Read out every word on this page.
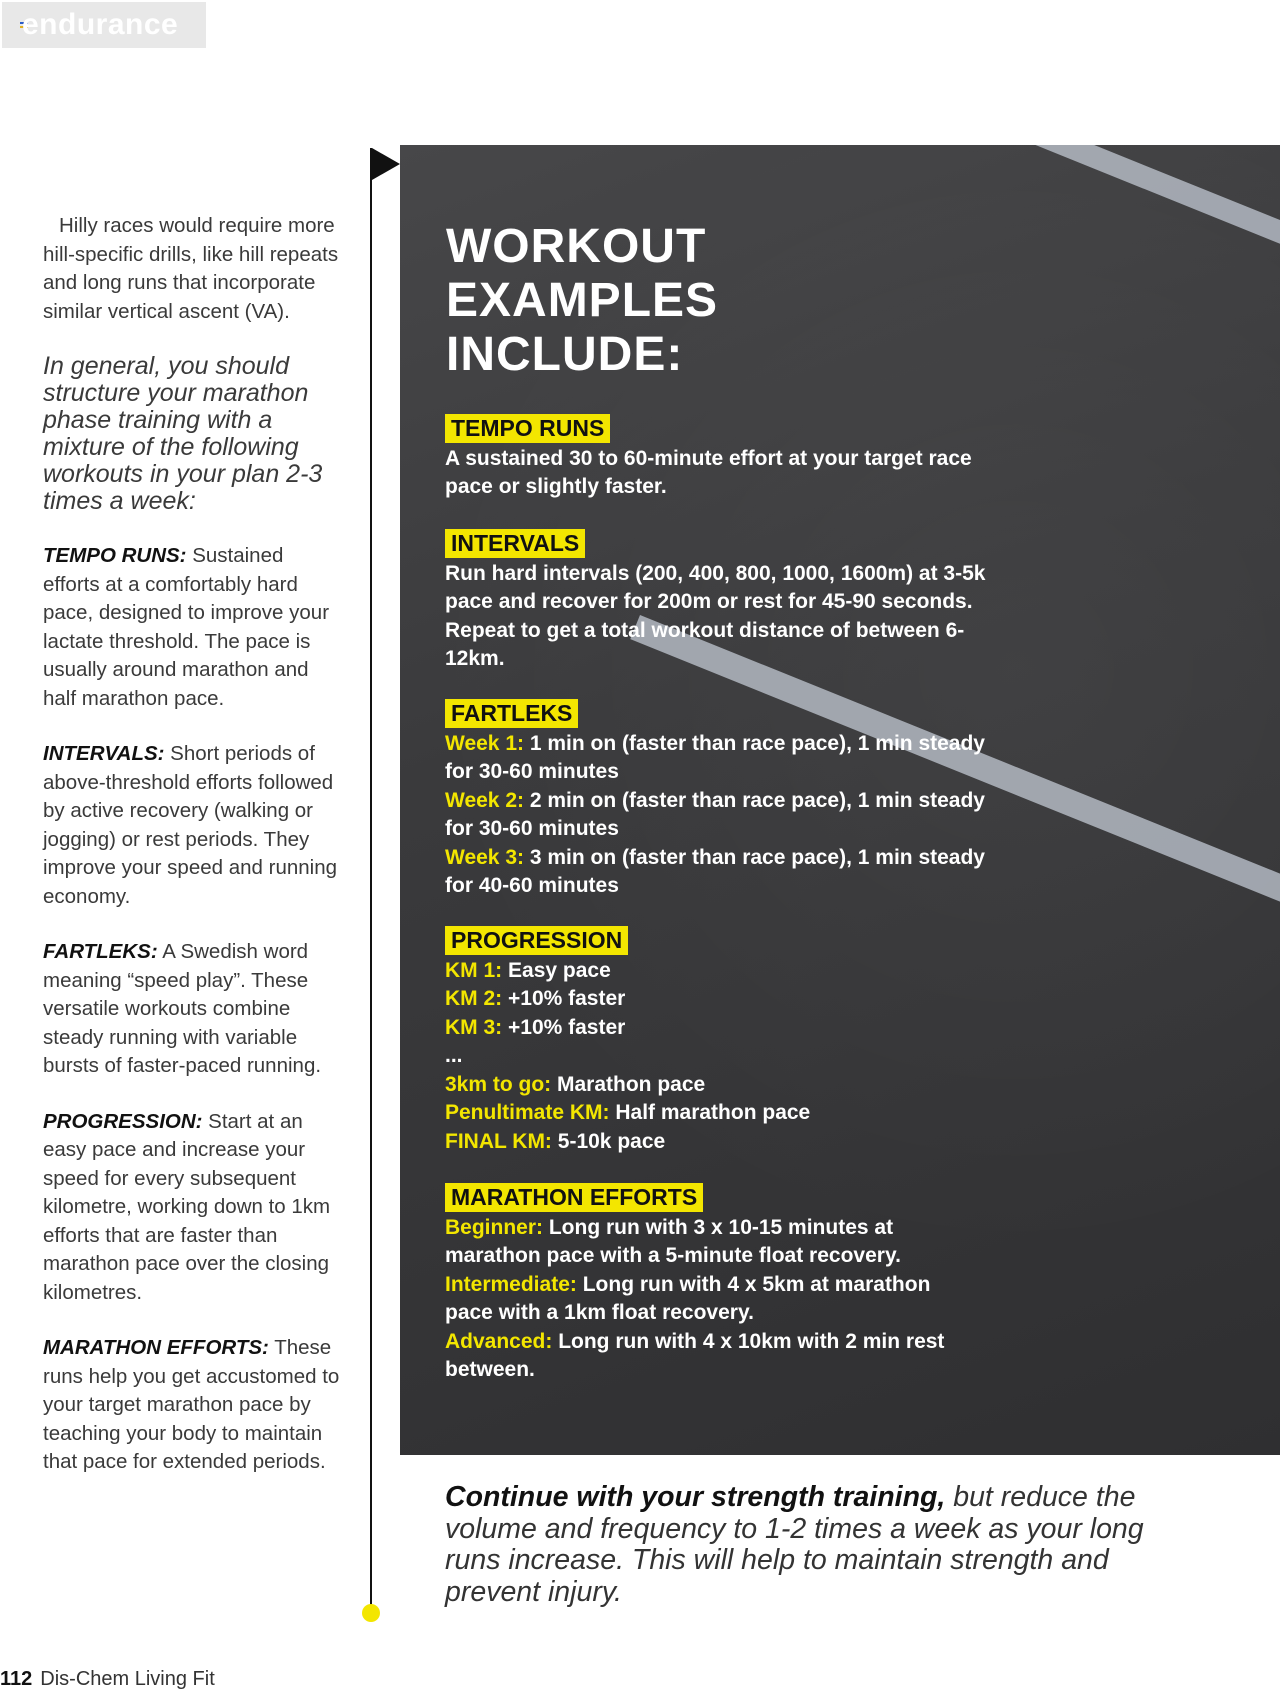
endurance

Hilly races would require more hill-specific drills, like hill repeats and long runs that incorporate similar vertical ascent (VA).

In general, you should structure your marathon phase training with a mixture of the following workouts in your plan 2-3 times a week:

TEMPO RUNS: Sustained efforts at a comfortably hard pace, designed to improve your lactate threshold. The pace is usually around marathon and half marathon pace.

INTERVALS: Short periods of above-threshold efforts followed by active recovery (walking or jogging) or rest periods. They improve your speed and running economy.

FARTLEKS: A Swedish word meaning “speed play”. These versatile workouts combine steady running with variable bursts of faster-paced running.

PROGRESSION: Start at an easy pace and increase your speed for every subsequent kilometre, working down to 1km efforts that are faster than marathon pace over the closing kilometres.

MARATHON EFFORTS: These runs help you get accustomed to your target marathon pace by teaching your body to maintain that pace for extended periods.

WORKOUT
EXAMPLES
INCLUDE:
TEMPO RUNS
A sustained 30 to 60-minute effort at your target race pace or slightly faster.
INTERVALS
Run hard intervals (200, 400, 800, 1000, 1600m) at 3-5k pace and recover for 200m or rest for 45-90 seconds. Repeat to get a total workout distance of between 6-12km.
FARTLEKS
Week 1: 1 min on (faster than race pace), 1 min steady for 30-60 minutes
Week 2: 2 min on (faster than race pace), 1 min steady for 30-60 minutes
Week 3: 3 min on (faster than race pace), 1 min steady for 40-60 minutes
PROGRESSION
KM 1: Easy pace
KM 2: +10% faster
KM 3: +10% faster
...
3km to go: Marathon pace
Penultimate KM: Half marathon pace
FINAL KM: 5-10k pace
MARATHON EFFORTS
Beginner: Long run with 3 x 10-15 minutes at marathon pace with a 5-minute float recovery.
Intermediate: Long run with 4 x 5km at marathon pace with a 1km float recovery.
Advanced: Long run with 4 x 10km with 2 min rest between.
Continue with your strength training, but reduce the volume and frequency to 1-2 times a week as your long runs increase. This will help to maintain strength and prevent injury.
112 Dis-Chem Living Fit
